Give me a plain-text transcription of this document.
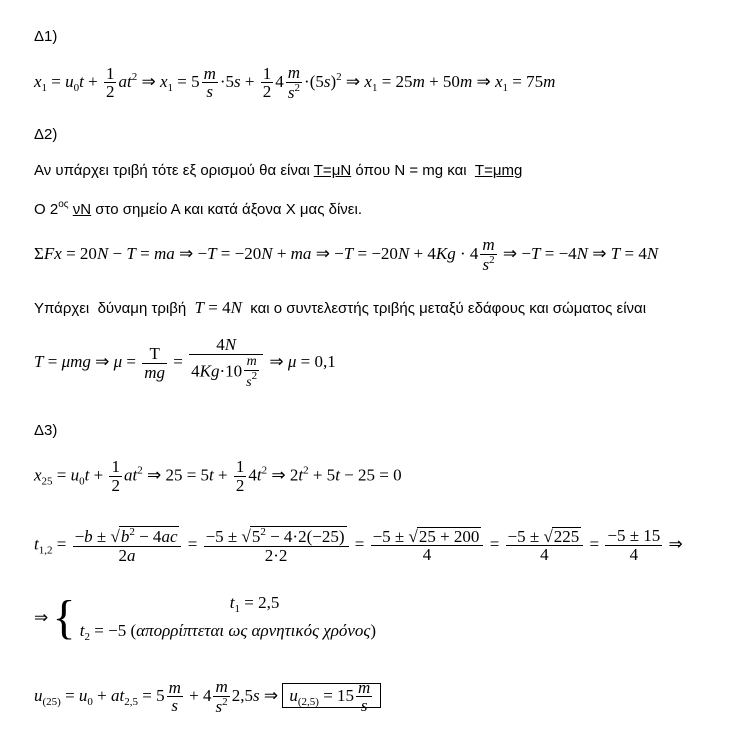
Δ1)
$x_1 = u_0t + \frac{1}{2} at^2$ ⇒ $x_1 = 5 \frac{m}{s} \cdot 5s + \frac{1}{2} 4 \frac{m}{s^2} \cdot(5s)^2$ ⇒ $x_1 = 25m + 50m$ ⇒ $x_1 = 75m$
Δ2)
Αν υπάρχει τριβή τότε εξ ορισμού θα είναι Τ=μΝ όπου Ν = mg και  Τ=μmg
Ο $2^{o\varsigma}$ νΝ στο σημείο Α και κατά άξονα Χ μας δίνει.
ΣFx = 20N − T = ma ⇒ −T = −20N + ma ⇒ $-T = -20N + 4Kg \cdot 4 \frac{m}{s^2}$ ⇒ −T = −4N ⇒ T = 4N
Υπάρχει  δύναμη τριβή  T = 4N  και ο συντελεστής τριβής μεταξύ εδάφους και σώματος είναι
T = μmg ⇒ $\mu = \frac{T}{mg} = \frac{4N}{4Kg\cdot 10 \frac{m}{s^2}}$ ⇒ μ = 0,1
Δ3)
$x_{25} = u_0t + \frac{1}{2} at^2$ ⇒ $25 = 5t + \frac{1}{2} 4t^2$ ⇒ $2t^2 + 5t - 25 = 0$
$t_{1,2} = \frac{-b \pm √b^2 - 4ac}{2a} = \frac{-5 \pm √5^2 - 4\cdot 2(-25)}{2\cdot 2} = \frac{-5 \pm √25 + 200}{4} = \frac{-5 \pm √225}{4} = \frac{-5 \pm 15}{4}$ ⇒
⇒ {	$t_1 = 2,5$
$t_2 = -5$ (απορρίπτεται ως αρνητικός χρόνος)
$u_{(25)} = u_0 + at_{2,5} = 5 \frac{m}{s} + 4 \frac{m}{s^2} 2,5s$ ⇒ $u_{(2,5)} = 15 \frac{m}{s}$
